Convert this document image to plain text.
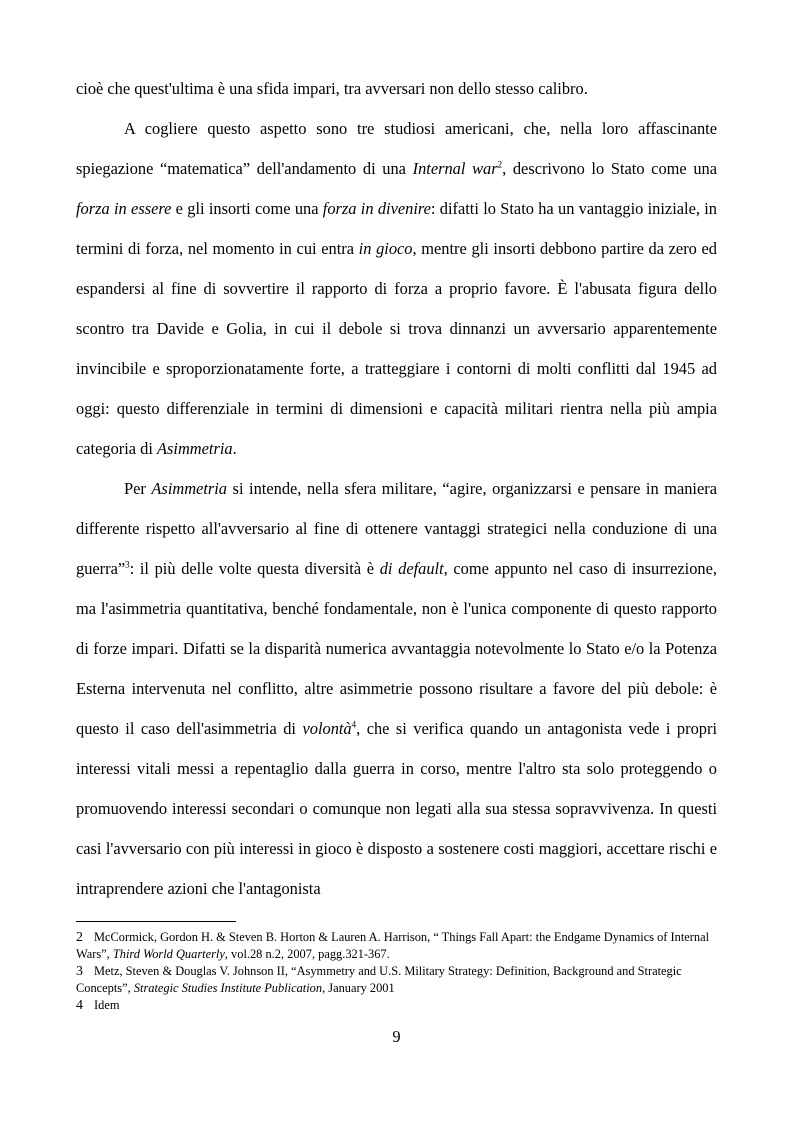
cioè che quest'ultima è una sfida impari, tra avversari non dello stesso calibro.

A cogliere questo aspetto sono tre studiosi americani, che, nella loro affascinante spiegazione “matematica” dell'andamento di una Internal war$^2$, descrivono lo Stato come una forza in essere e gli insorti come una forza in divenire: difatti lo Stato ha un vantaggio iniziale, in termini di forza, nel momento in cui entra in gioco, mentre gli insorti debbono partire da zero ed espandersi al fine di sovvertire il rapporto di forza a proprio favore. È l'abusata figura dello scontro tra Davide e Golia, in cui il debole si trova dinnanzi un avversario apparentemente invincibile e sproporzionatamente forte, a tratteggiare i contorni di molti conflitti dal 1945 ad oggi: questo differenziale in termini di dimensioni e capacità militari rientra nella più ampia categoria di Asimmetria.

Per Asimmetria si intende, nella sfera militare, “agire, organizzarsi e pensare in maniera differente rispetto all'avversario al fine di ottenere vantaggi strategici nella conduzione di una guerra”$^3$: il più delle volte questa diversità è di default, come appunto nel caso di insurrezione, ma l'asimmetria quantitativa, benché fondamentale, non è l'unica componente di questo rapporto di forze impari. Difatti se la disparità numerica avvantaggia notevolmente lo Stato e/o la Potenza Esterna intervenuta nel conflitto, altre asimmetrie possono risultare a favore del più debole: è questo il caso dell'asimmetria di volontà$^4$, che si verifica quando un antagonista vede i propri interessi vitali messi a repentaglio dalla guerra in corso, mentre l'altro sta solo proteggendo o promuovendo interessi secondari o comunque non legati alla sua stessa sopravvivenza. In questi casi l'avversario con più interessi in gioco è disposto a sostenere costi maggiori, accettare rischi e intraprendere azioni che l'antagonista

2 McCormick, Gordon H. & Steven B. Horton & Lauren A. Harrison, “ Things Fall Apart: the Endgame Dynamics of Internal Wars”, Third World Quarterly, vol.28 n.2, 2007, pagg.321-367.

3 Metz, Steven & Douglas V. Johnson II, “Asymmetry and U.S. Military Strategy: Definition, Background and Strategic Concepts”, Strategic Studies Institute Publication, January 2001

4 Idem

9
